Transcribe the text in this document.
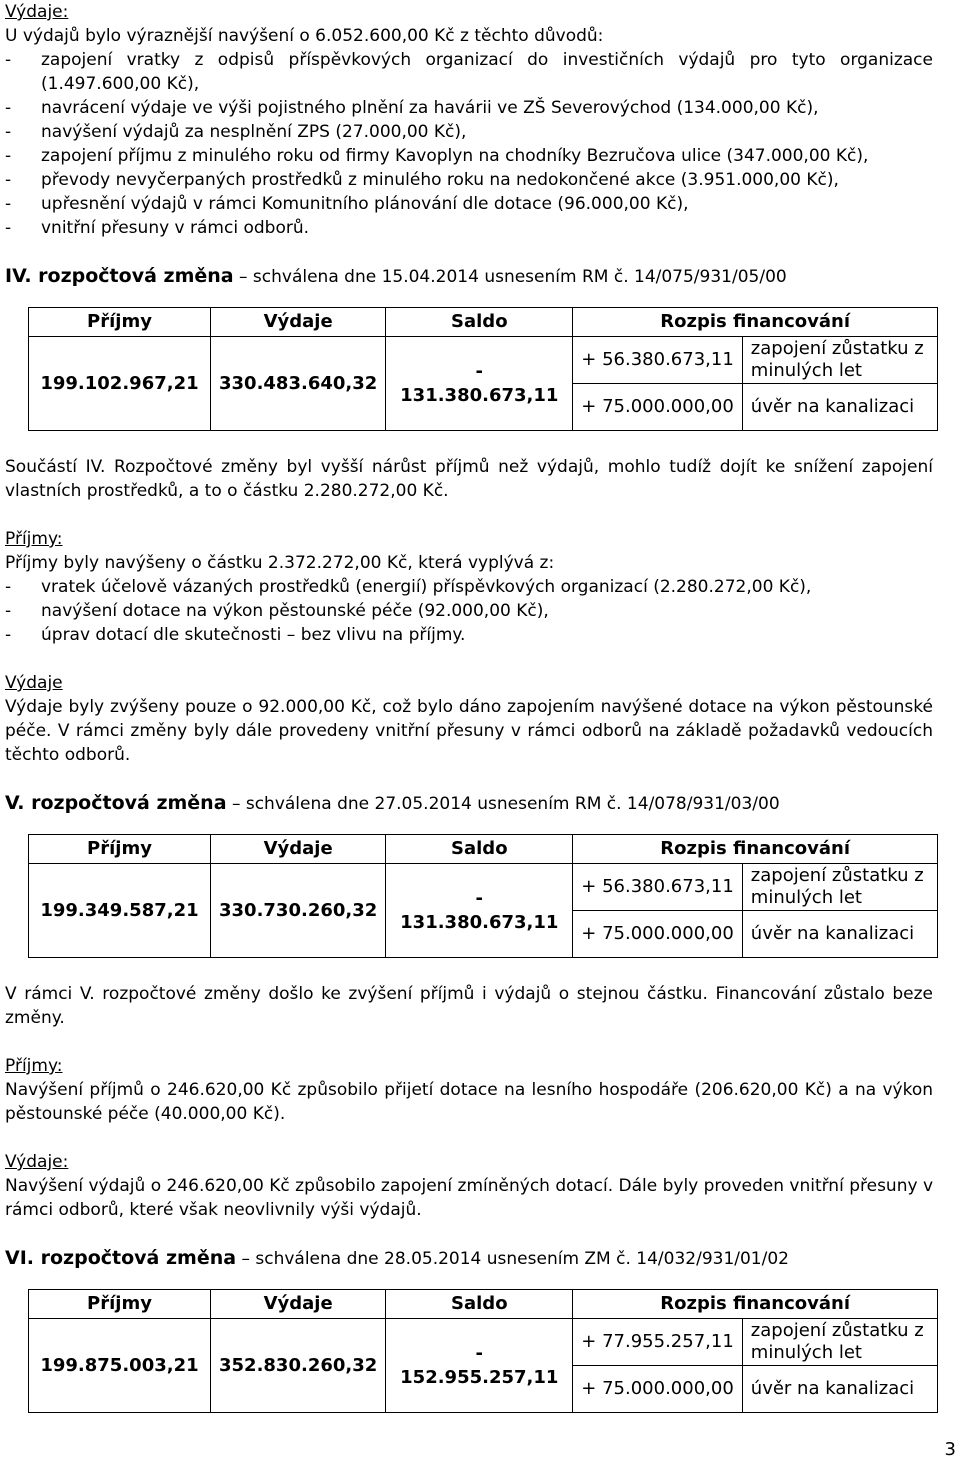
Výdaje:

U výdajů bylo výraznější navýšení o 6.052.600,00 Kč z těchto důvodů:

- zapojení vratky z odpisů příspěvkových organizací do investičních výdajů pro tyto organizace (1.497.600,00 Kč),
- navrácení výdaje ve výši pojistného plnění za havárii ve ZŠ Severovýchod (134.000,00 Kč),
- navýšení výdajů za nesplnění ZPS (27.000,00 Kč),
- zapojení příjmu z minulého roku od firmy Kavoplyn na chodníky Bezručova ulice (347.000,00 Kč),
- převody nevyčerpaných prostředků z minulého roku na nedokončené akce (3.951.000,00 Kč),
- upřesnění výdajů v rámci Komunitního plánování dle dotace (96.000,00 Kč),
- vnitřní přesuny v rámci odborů.

IV. rozpočtová změna – schválena dne 15.04.2014 usnesením RM č. 14/075/931/05/00

Příjmy	Výdaje	Saldo	Rozpis financování	
199.102.967,21	330.483.640,32	- 131.380.673,11	+ 56.380.673,11	zapojení zůstatku z minulých let
			+ 75.000.000,00	úvěr na kanalizaci

Součástí IV. Rozpočtové změny byl vyšší nárůst příjmů než výdajů, mohlo tudíž dojít ke snížení zapojení vlastních prostředků, a to o částku 2.280.272,00 Kč.

Příjmy:

Příjmy byly navýšeny o částku 2.372.272,00 Kč, která vyplývá z:

- vratek účelově vázaných prostředků (energií) příspěvkových organizací (2.280.272,00 Kč),
- navýšení dotace na výkon pěstounské péče (92.000,00 Kč),
- úprav dotací dle skutečnosti – bez vlivu na příjmy.

Výdaje

Výdaje byly zvýšeny pouze o 92.000,00 Kč, což bylo dáno zapojením navýšené dotace na výkon pěstounské péče. V rámci změny byly dále provedeny vnitřní přesuny v rámci odborů na základě požadavků vedoucích těchto odborů.

V. rozpočtová změna – schválena dne 27.05.2014 usnesením RM č. 14/078/931/03/00

Příjmy	Výdaje	Saldo	Rozpis financování	
199.349.587,21	330.730.260,32	- 131.380.673,11	+ 56.380.673,11	zapojení zůstatku z minulých let
			+ 75.000.000,00	úvěr na kanalizaci

V rámci V. rozpočtové změny došlo ke zvýšení příjmů i výdajů o stejnou částku. Financování zůstalo beze změny.

Příjmy:

Navýšení příjmů o 246.620,00 Kč způsobilo přijetí dotace na lesního hospodáře (206.620,00 Kč) a na výkon pěstounské péče (40.000,00 Kč).

Výdaje:

Navýšení výdajů o 246.620,00 Kč způsobilo zapojení zmíněných dotací. Dále byly proveden vnitřní přesuny v rámci odborů, které však neovlivnily výši výdajů.

VI. rozpočtová změna – schválena dne 28.05.2014 usnesením ZM č. 14/032/931/01/02

Příjmy	Výdaje	Saldo	Rozpis financování	
199.875.003,21	352.830.260,32	- 152.955.257,11	+ 77.955.257,11	zapojení zůstatku z minulých let
			+ 75.000.000,00	úvěr na kanalizaci
3
